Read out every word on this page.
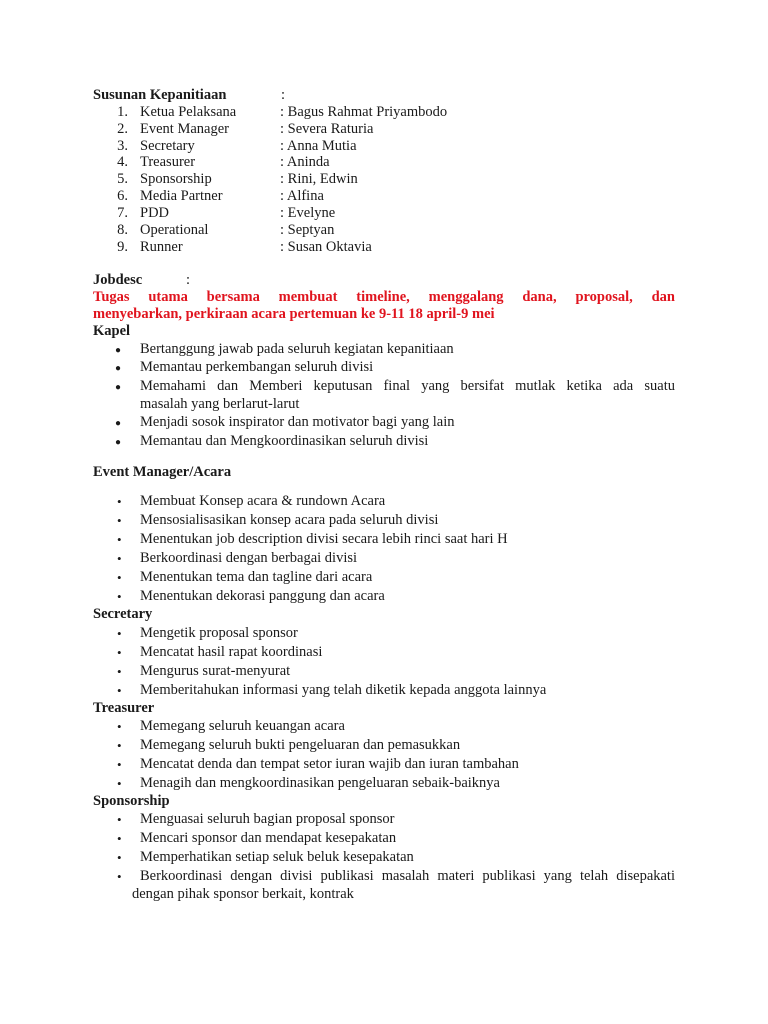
Susunan Kepanitiaan	:
1. Ketua Pelaksana	: Bagus Rahmat Priyambodo
2. Event Manager	: Severa Raturia
3. Secretary	: Anna Mutia
4. Treasurer	: Aninda
5. Sponsorship	: Rini, Edwin
6. Media Partner	: Alfina
7. PDD	: Evelyne
8. Operational	: Septyan
9. Runner	: Susan Oktavia
Jobdesc	:
Tugas utama bersama membuat timeline, menggalang dana, proposal, dan
menyebarkan, perkiraan acara pertemuan ke 9-11 18 april-9 mei
Kapel
● Bertanggung jawab pada seluruh kegiatan kepanitiaan
● Memantau perkembangan seluruh divisi
● Memahami dan Memberi keputusan final yang bersifat mutlak ketika ada suatu
masalah yang berlarut-larut
● Menjadi sosok inspirator dan motivator bagi yang lain
● Memantau dan Mengkoordinasikan seluruh divisi
Event Manager/Acara
• Membuat Konsep acara & rundown Acara
• Mensosialisasikan konsep acara pada seluruh divisi
• Menentukan job description divisi secara lebih rinci saat hari H
• Berkoordinasi dengan berbagai divisi
• Menentukan tema dan tagline dari acara
• Menentukan dekorasi panggung dan acara
Secretary
• Mengetik proposal sponsor
• Mencatat hasil rapat koordinasi
• Mengurus surat-menyurat
• Memberitahukan informasi yang telah diketik kepada anggota lainnya
Treasurer
• Memegang seluruh keuangan acara
• Memegang seluruh bukti pengeluaran dan pemasukkan
• Mencatat denda dan tempat setor iuran wajib dan iuran tambahan
• Menagih dan mengkoordinasikan pengeluaran sebaik-baiknya
Sponsorship
• Menguasai seluruh bagian proposal sponsor
• Mencari sponsor dan mendapat kesepakatan
• Memperhatikan setiap seluk beluk kesepakatan
• Berkoordinasi dengan divisi publikasi masalah materi publikasi yang telah disepakati
dengan pihak sponsor berkait, kontrak
